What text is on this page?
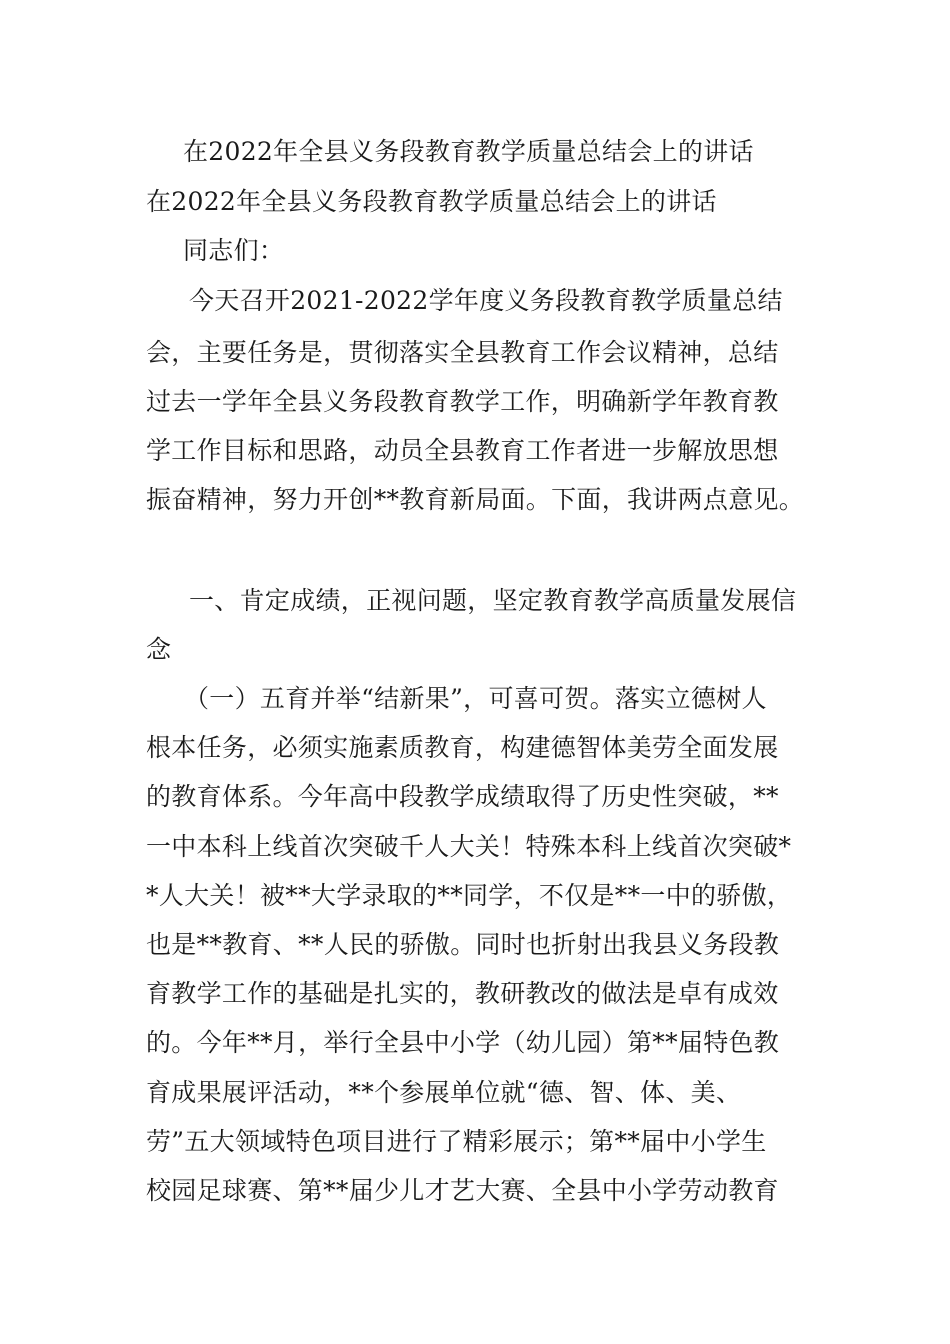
在2022年全县义务段教育教学质量总结会上的讲话
在2022年全县义务段教育教学质量总结会上的讲话
同志们：
今天召开2021-2022学年度义务段教育教学质量总结
会，主要任务是，贯彻落实全县教育工作会议精神，总结
过去一学年全县义务段教育教学工作，明确新学年教育教
学工作目标和思路，动员全县教育工作者进一步解放思想
振奋精神，努力开创**教育新局面。下面，我讲两点意见。
一、肯定成绩，正视问题，坚定教育教学高质量发展信
念
（一）五育并举“结新果”，可喜可贺。落实立德树人
根本任务，必须实施素质教育，构建德智体美劳全面发展
的教育体系。今年高中段教学成绩取得了历史性突破，**
一中本科上线首次突破千人大关！特殊本科上线首次突破*
*人大关！被**大学录取的**同学，不仅是**一中的骄傲，
也是**教育、**人民的骄傲。同时也折射出我县义务段教
育教学工作的基础是扎实的，教研教改的做法是卓有成效
的。今年**月，举行全县中小学（幼儿园）第**届特色教
育成果展评活动，**个参展单位就“德、智、体、美、
劳”五大领域特色项目进行了精彩展示；第**届中小学生
校园足球赛、第**届少儿才艺大赛、全县中小学劳动教育
